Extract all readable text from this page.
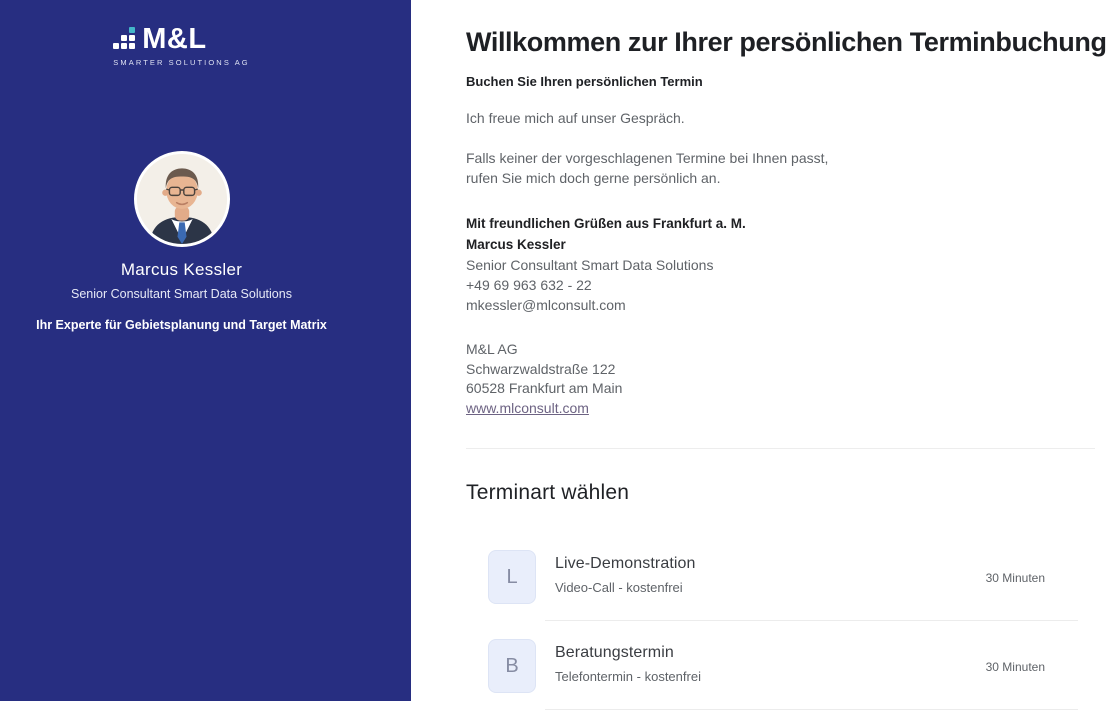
M&L
SMARTER SOLUTIONS AG
Marcus Kessler
Senior Consultant Smart Data Solutions
Ihr Experte für Gebietsplanung und Target Matrix
Willkommen zur Ihrer persönlichen Terminbuchung
Buchen Sie Ihren persönlichen Termin
Ich freue mich auf unser Gespräch.
Falls keiner der vorgeschlagenen Termine bei Ihnen passt,
rufen Sie mich doch gerne persönlich an.
Mit freundlichen Grüßen aus Frankfurt a. M.
Marcus Kessler
Senior Consultant Smart Data Solutions
+49 69 963 632 - 22
mkessler@mlconsult.com
M&L AG
Schwarzwaldstraße 122
60528 Frankfurt am Main
www.mlconsult.com
Terminart wählen
L
Live-Demonstration
Video-Call - kostenfrei
30 Minuten
B
Beratungstermin
Telefontermin - kostenfrei
30 Minuten
